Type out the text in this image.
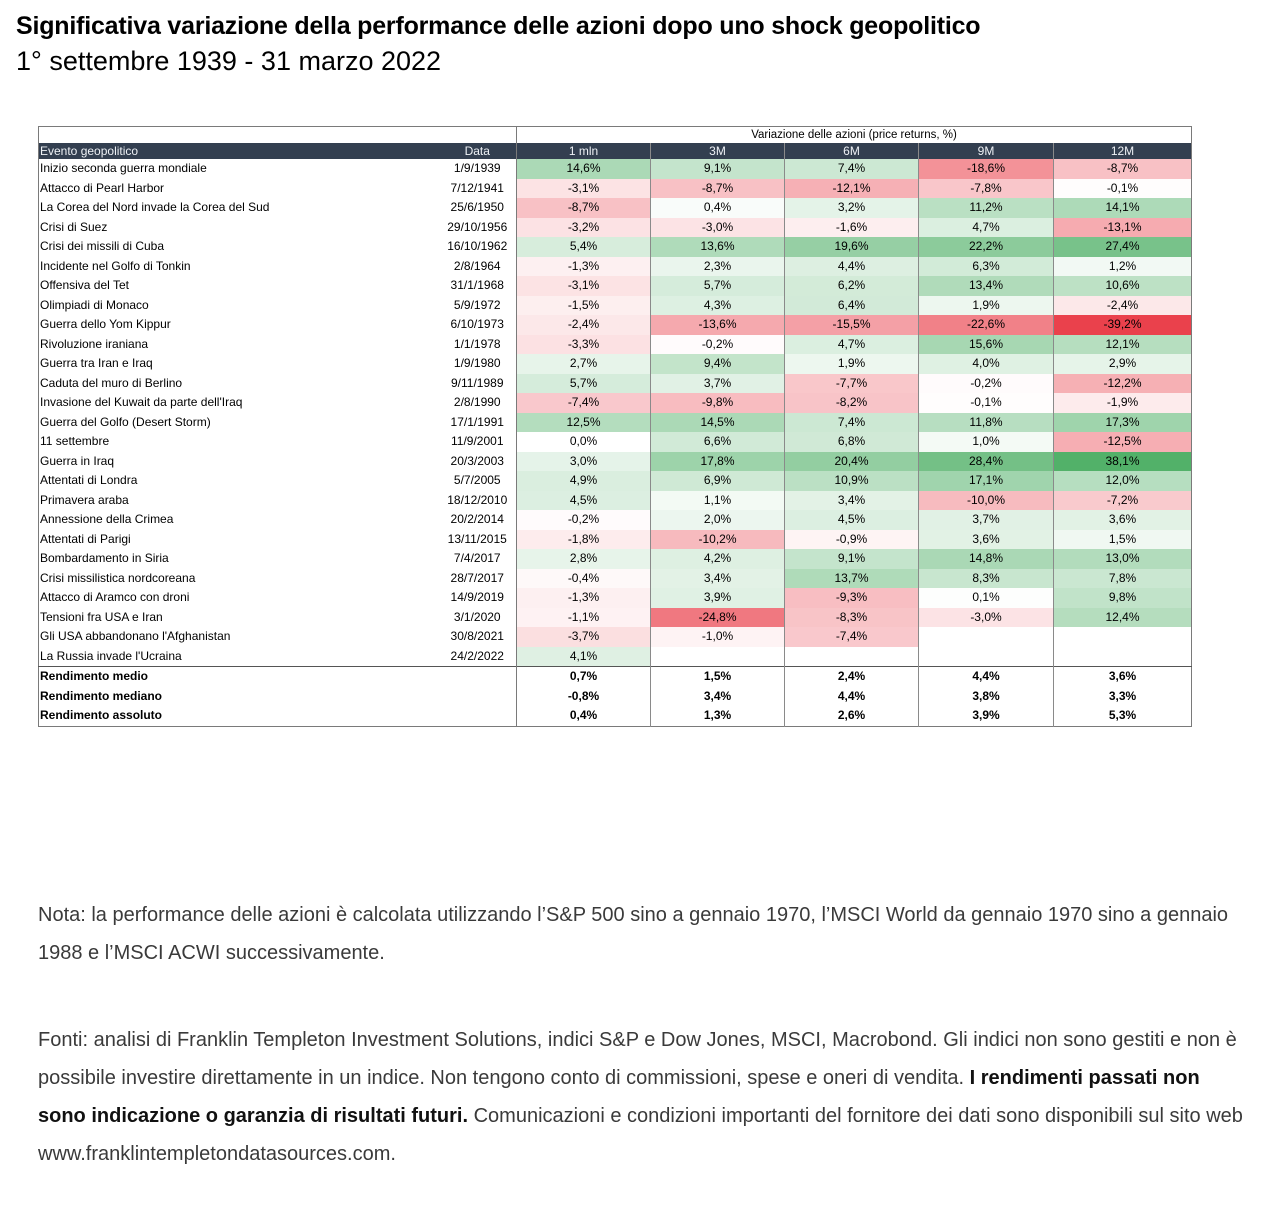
Significativa variazione della performance delle azioni dopo uno shock geopolitico
1° settembre 1939 - 31 marzo 2022
		Variazione delle azioni (price returns, %)				
Evento geopolitico	Data	1 mln	3M	6M	9M	12M
Inizio seconda guerra mondiale	1/9/1939	14,6%	9,1%	7,4%	-18,6%	-8,7%
Attacco di Pearl Harbor	7/12/1941	-3,1%	-8,7%	-12,1%	-7,8%	-0,1%
La Corea del Nord invade la Corea del Sud	25/6/1950	-8,7%	0,4%	3,2%	11,2%	14,1%
Crisi di Suez	29/10/1956	-3,2%	-3,0%	-1,6%	4,7%	-13,1%
Crisi dei missili di Cuba	16/10/1962	5,4%	13,6%	19,6%	22,2%	27,4%
Incidente nel Golfo di Tonkin	2/8/1964	-1,3%	2,3%	4,4%	6,3%	1,2%
Offensiva del Tet	31/1/1968	-3,1%	5,7%	6,2%	13,4%	10,6%
Olimpiadi di Monaco	5/9/1972	-1,5%	4,3%	6,4%	1,9%	-2,4%
Guerra dello Yom Kippur	6/10/1973	-2,4%	-13,6%	-15,5%	-22,6%	-39,2%
Rivoluzione iraniana	1/1/1978	-3,3%	-0,2%	4,7%	15,6%	12,1%
Guerra tra Iran e Iraq	1/9/1980	2,7%	9,4%	1,9%	4,0%	2,9%
Caduta del muro di Berlino	9/11/1989	5,7%	3,7%	-7,7%	-0,2%	-12,2%
Invasione del Kuwait da parte dell'Iraq	2/8/1990	-7,4%	-9,8%	-8,2%	-0,1%	-1,9%
Guerra del Golfo (Desert Storm)	17/1/1991	12,5%	14,5%	7,4%	11,8%	17,3%
11 settembre	11/9/2001	0,0%	6,6%	6,8%	1,0%	-12,5%
Guerra in Iraq	20/3/2003	3,0%	17,8%	20,4%	28,4%	38,1%
Attentati di Londra	5/7/2005	4,9%	6,9%	10,9%	17,1%	12,0%
Primavera araba	18/12/2010	4,5%	1,1%	3,4%	-10,0%	-7,2%
Annessione della Crimea	20/2/2014	-0,2%	2,0%	4,5%	3,7%	3,6%
Attentati di Parigi	13/11/2015	-1,8%	-10,2%	-0,9%	3,6%	1,5%
Bombardamento in Siria	7/4/2017	2,8%	4,2%	9,1%	14,8%	13,0%
Crisi missilistica nordcoreana	28/7/2017	-0,4%	3,4%	13,7%	8,3%	7,8%
Attacco di Aramco con droni	14/9/2019	-1,3%	3,9%	-9,3%	0,1%	9,8%
Tensioni fra USA e Iran	3/1/2020	-1,1%	-24,8%	-8,3%	-3,0%	12,4%
Gli USA abbandonano l'Afghanistan	30/8/2021	-3,7%	-1,0%	-7,4%		
La Russia invade l'Ucraina	24/2/2022	4,1%				
Rendimento medio		0,7%	1,5%	2,4%	4,4%	3,6%
Rendimento mediano		-0,8%	3,4%	4,4%	3,8%	3,3%
Rendimento assoluto		0,4%	1,3%	2,6%	3,9%	5,3%

Nota: la performance delle azioni è calcolata utilizzando l’S&P 500 sino a gennaio 1970, l’MSCI World da gennaio 1970 sino a gennaio 1988 e l’MSCI ACWI successivamente.

Fonti: analisi di Franklin Templeton Investment Solutions, indici S&P e Dow Jones, MSCI, Macrobond. Gli indici non sono gestiti e non è possibile investire direttamente in un indice. Non tengono conto di commissioni, spese e oneri di vendita. I rendimenti passati non sono indicazione o garanzia di risultati futuri. Comunicazioni e condizioni importanti del fornitore dei dati sono disponibili sul sito web www.franklintempletondatasources.com.
